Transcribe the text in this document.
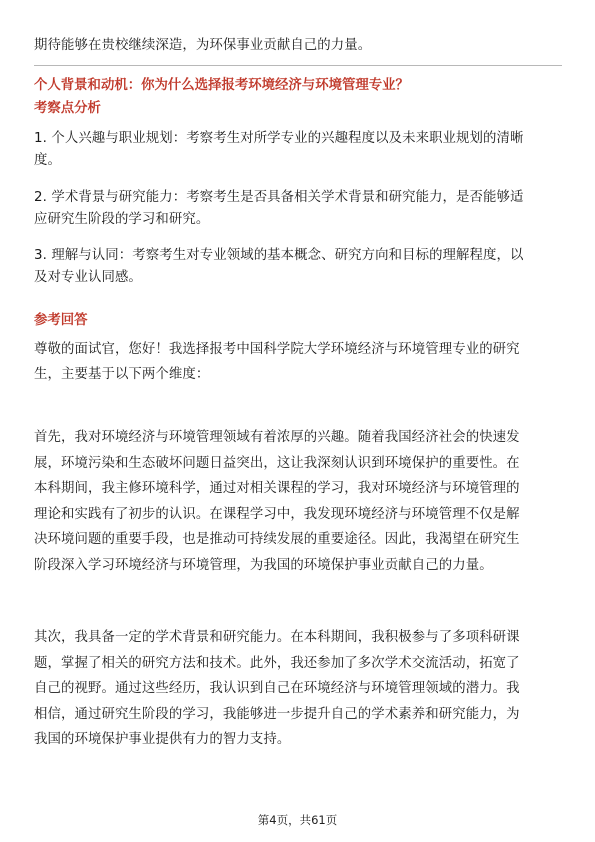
期待能够在贵校继续深造，为环保事业贡献自己的力量。
个人背景和动机：你为什么选择报考环境经济与环境管理专业？
考察点分析
1. 个人兴趣与职业规划：考察考生对所学专业的兴趣程度以及未来职业规划的清晰
度。
2. 学术背景与研究能力：考察考生是否具备相关学术背景和研究能力，是否能够适
应研究生阶段的学习和研究。
3. 理解与认同：考察考生对专业领域的基本概念、研究方向和目标的理解程度，以
及对专业认同感。
参考回答
尊敬的面试官，您好！我选择报考中国科学院大学环境经济与环境管理专业的研究
生，主要基于以下两个维度：
首先，我对环境经济与环境管理领域有着浓厚的兴趣。随着我国经济社会的快速发
展，环境污染和生态破坏问题日益突出，这让我深刻认识到环境保护的重要性。在
本科期间，我主修环境科学，通过对相关课程的学习，我对环境经济与环境管理的
理论和实践有了初步的认识。在课程学习中，我发现环境经济与环境管理不仅是解
决环境问题的重要手段，也是推动可持续发展的重要途径。因此，我渴望在研究生
阶段深入学习环境经济与环境管理，为我国的环境保护事业贡献自己的力量。
其次，我具备一定的学术背景和研究能力。在本科期间，我积极参与了多项科研课
题，掌握了相关的研究方法和技术。此外，我还参加了多次学术交流活动，拓宽了
自己的视野。通过这些经历，我认识到自己在环境经济与环境管理领域的潜力。我
相信，通过研究生阶段的学习，我能够进一步提升自己的学术素养和研究能力，为
我国的环境保护事业提供有力的智力支持。
第4页，共61页
